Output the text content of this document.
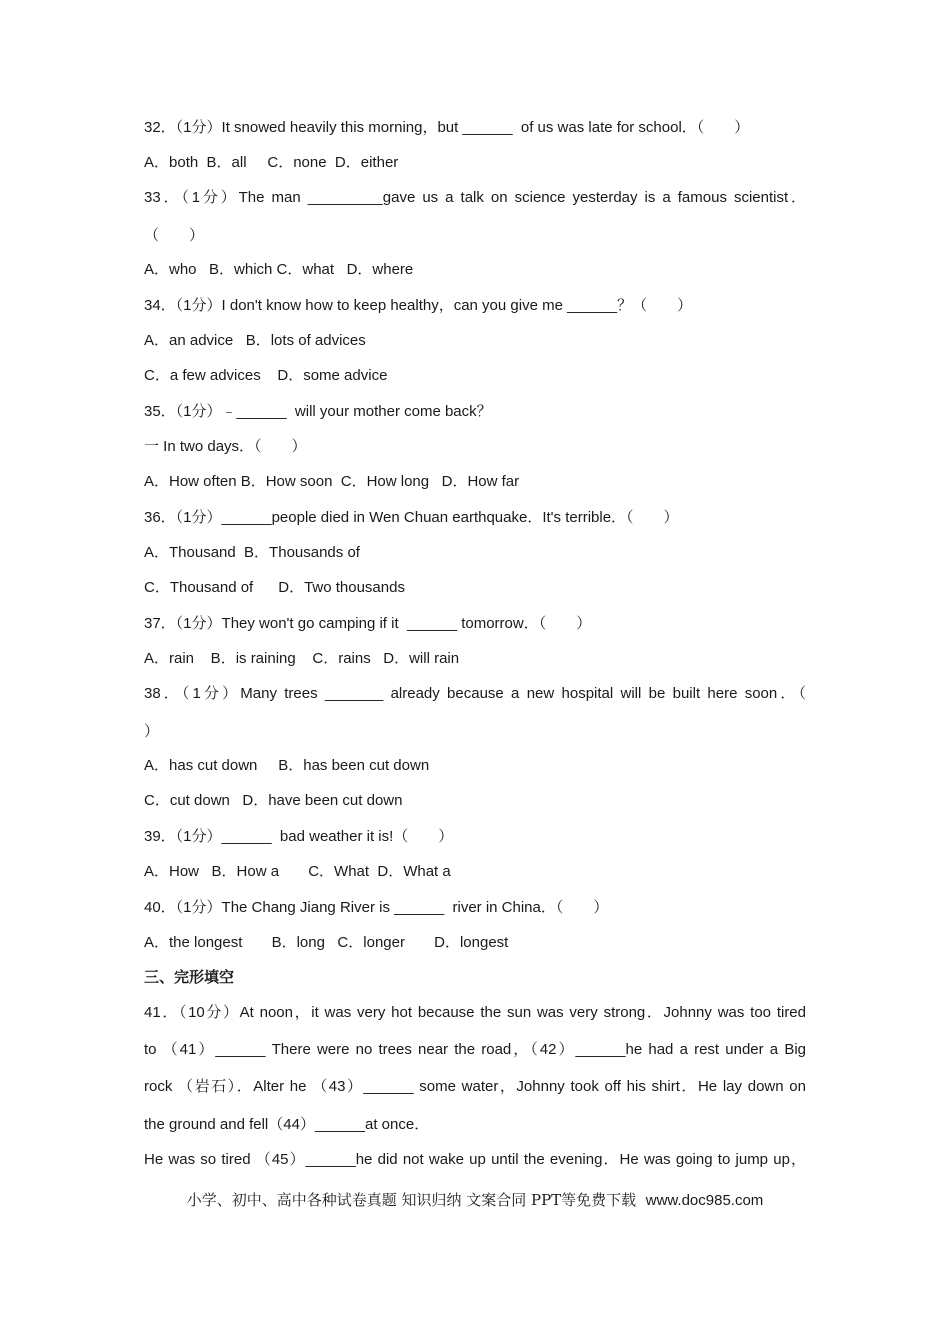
32．（1分）It snowed heavily this morning，but ______  of us was late for school．（　　）
A．both  B．all     C．none  D．either
33．（1分）The man _________gave us a talk on science yesterday is a famous scientist．
（　　）
A．who   B．which C．what   D．where
34．（1分）I don't know how to keep healthy，can you give me ______？（　　）
A．an advice   B．lots of advices
C．a few advices    D．some advice
35．（1分）﹣______  will your mother come back？
一 In two days．（　　）
A．How often B．How soon  C．How long   D．How far
36．（1分）______people died in Wen Chuan earthquake．It's terrible．（　　）
A．Thousand  B．Thousands of
C．Thousand of      D．Two thousands
37．（1分）They won't go camping if it  ______ tomorrow．（　　）
A．rain    B．is raining    C．rains   D．will rain
38．（1分）Many trees _______ already because a new hospital will be built here soon．（
）
A．has cut down     B．has been cut down
C．cut down   D．have been cut down
39．（1分）______  bad weather it is!（　　）
A．How   B．How a       C．What  D．What a
40．（1分）The Chang Jiang River is ______  river in China．（　　）
A．the longest       B．long   C．longer       D．longest
三、完形填空
41．（10分）At noon，it was very hot because the sun was very strong．Johnny was too tired
to （41）______ There were no trees near the road，（42）______he had a rest under a Big
rock （岩石）．Alter he （43）______ some water，Johnny took off his shirt．He lay down on
the ground and fell（44）______at once．
He was so tired （45）______he did not wake up until the evening．He was going to jump up，
小学、初中、高中各种试卷真题 知识归纳 文案合同 PPT等免费下载 www.doc985.com
